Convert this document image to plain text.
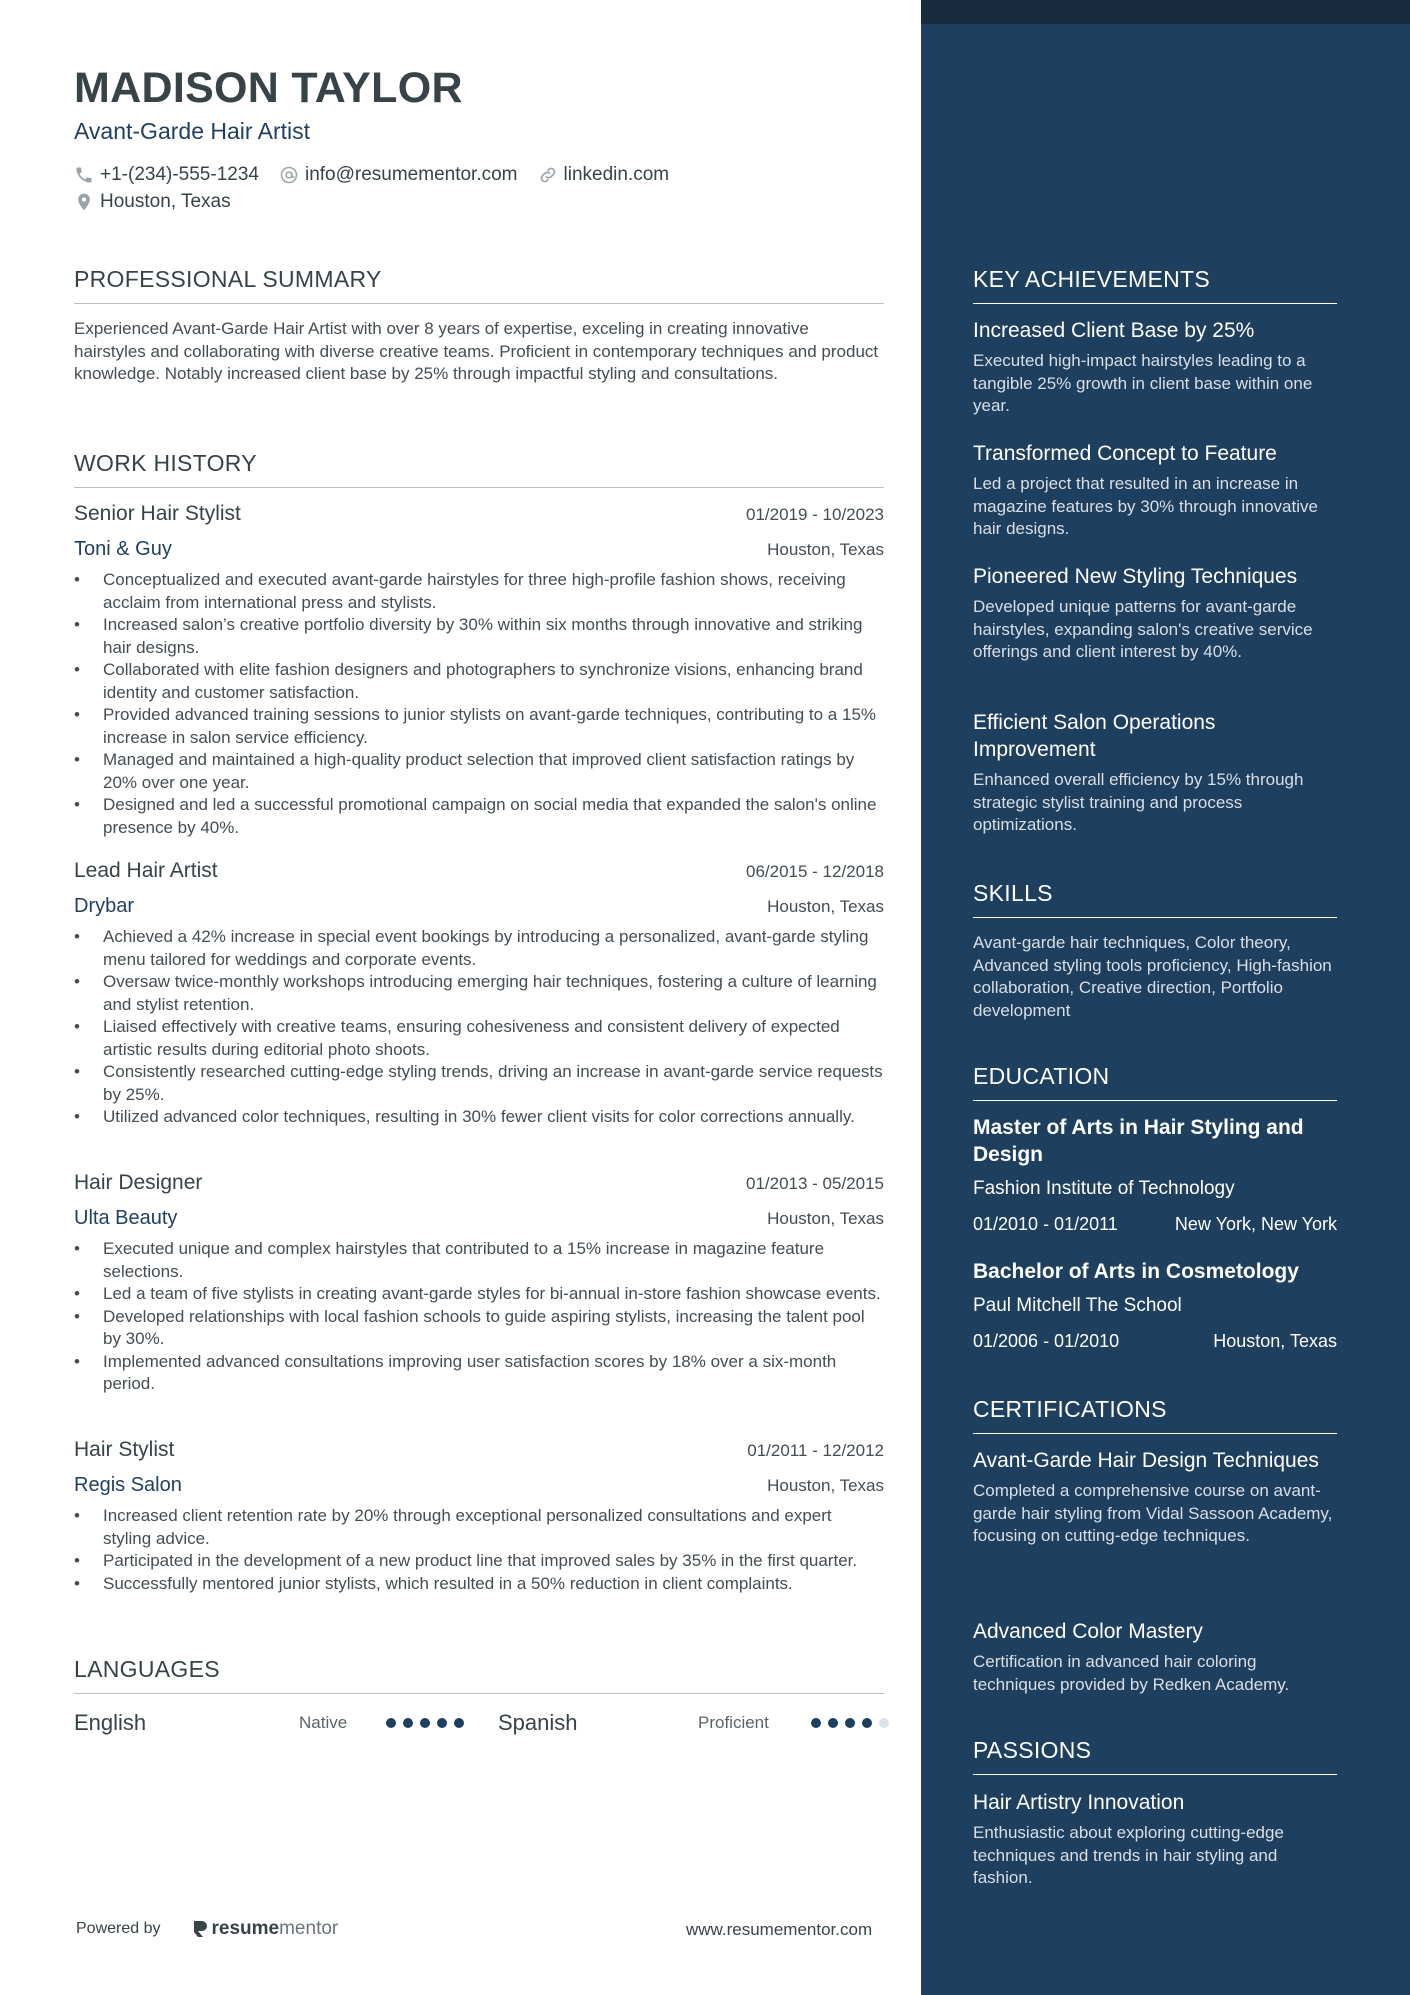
MADISON TAYLOR
Avant-Garde Hair Artist
+1-(234)-555-1234 info@resumementor.com linkedin.com
Houston, Texas
PROFESSIONAL SUMMARY
Experienced Avant-Garde Hair Artist with over 8 years of expertise, exceling in creating innovative hairstyles and collaborating with diverse creative teams. Proficient in contemporary techniques and product knowledge. Notably increased client base by 25% through impactful styling and consultations.
WORK HISTORY
Senior Hair Stylist	01/2019 - 10/2023
Toni & Guy	Houston, Texas
• Conceptualized and executed avant-garde hairstyles for three high-profile fashion shows, receiving acclaim from international press and stylists.
• Increased salon’s creative portfolio diversity by 30% within six months through innovative and striking hair designs.
• Collaborated with elite fashion designers and photographers to synchronize visions, enhancing brand identity and customer satisfaction.
• Provided advanced training sessions to junior stylists on avant-garde techniques, contributing to a 15% increase in salon service efficiency.
• Managed and maintained a high-quality product selection that improved client satisfaction ratings by 20% over one year.
• Designed and led a successful promotional campaign on social media that expanded the salon's online presence by 40%.
Lead Hair Artist	06/2015 - 12/2018
Drybar	Houston, Texas
• Achieved a 42% increase in special event bookings by introducing a personalized, avant-garde styling menu tailored for weddings and corporate events.
• Oversaw twice-monthly workshops introducing emerging hair techniques, fostering a culture of learning and stylist retention.
• Liaised effectively with creative teams, ensuring cohesiveness and consistent delivery of expected artistic results during editorial photo shoots.
• Consistently researched cutting-edge styling trends, driving an increase in avant-garde service requests by 25%.
• Utilized advanced color techniques, resulting in 30% fewer client visits for color corrections annually.
Hair Designer	01/2013 - 05/2015
Ulta Beauty	Houston, Texas
• Executed unique and complex hairstyles that contributed to a 15% increase in magazine feature selections.
• Led a team of five stylists in creating avant-garde styles for bi-annual in-store fashion showcase events.
• Developed relationships with local fashion schools to guide aspiring stylists, increasing the talent pool by 30%.
• Implemented advanced consultations improving user satisfaction scores by 18% over a six-month period.
Hair Stylist	01/2011 - 12/2012
Regis Salon	Houston, Texas
• Increased client retention rate by 20% through exceptional personalized consultations and expert styling advice.
• Participated in the development of a new product line that improved sales by 35% in the first quarter.
• Successfully mentored junior stylists, which resulted in a 50% reduction in client complaints.
LANGUAGES
English	Native	Spanish	Proficient
Powered by	resume mentor	www.resumementor.com
KEY ACHIEVEMENTS
Increased Client Base by 25%
Executed high-impact hairstyles leading to a tangible 25% growth in client base within one year.
Transformed Concept to Feature
Led a project that resulted in an increase in magazine features by 30% through innovative hair designs.
Pioneered New Styling Techniques
Developed unique patterns for avant-garde hairstyles, expanding salon's creative service offerings and client interest by 40%.
Efficient Salon Operations Improvement
Enhanced overall efficiency by 15% through strategic stylist training and process optimizations.
SKILLS
Avant-garde hair techniques, Color theory, Advanced styling tools proficiency, High-fashion collaboration, Creative direction, Portfolio development
EDUCATION
Master of Arts in Hair Styling and Design
Fashion Institute of Technology
01/2010 - 01/2011	New York, New York
Bachelor of Arts in Cosmetology
Paul Mitchell The School
01/2006 - 01/2010	Houston, Texas
CERTIFICATIONS
Avant-Garde Hair Design Techniques
Completed a comprehensive course on avant-garde hair styling from Vidal Sassoon Academy, focusing on cutting-edge techniques.
Advanced Color Mastery
Certification in advanced hair coloring techniques provided by Redken Academy.
PASSIONS
Hair Artistry Innovation
Enthusiastic about exploring cutting-edge techniques and trends in hair styling and fashion.
